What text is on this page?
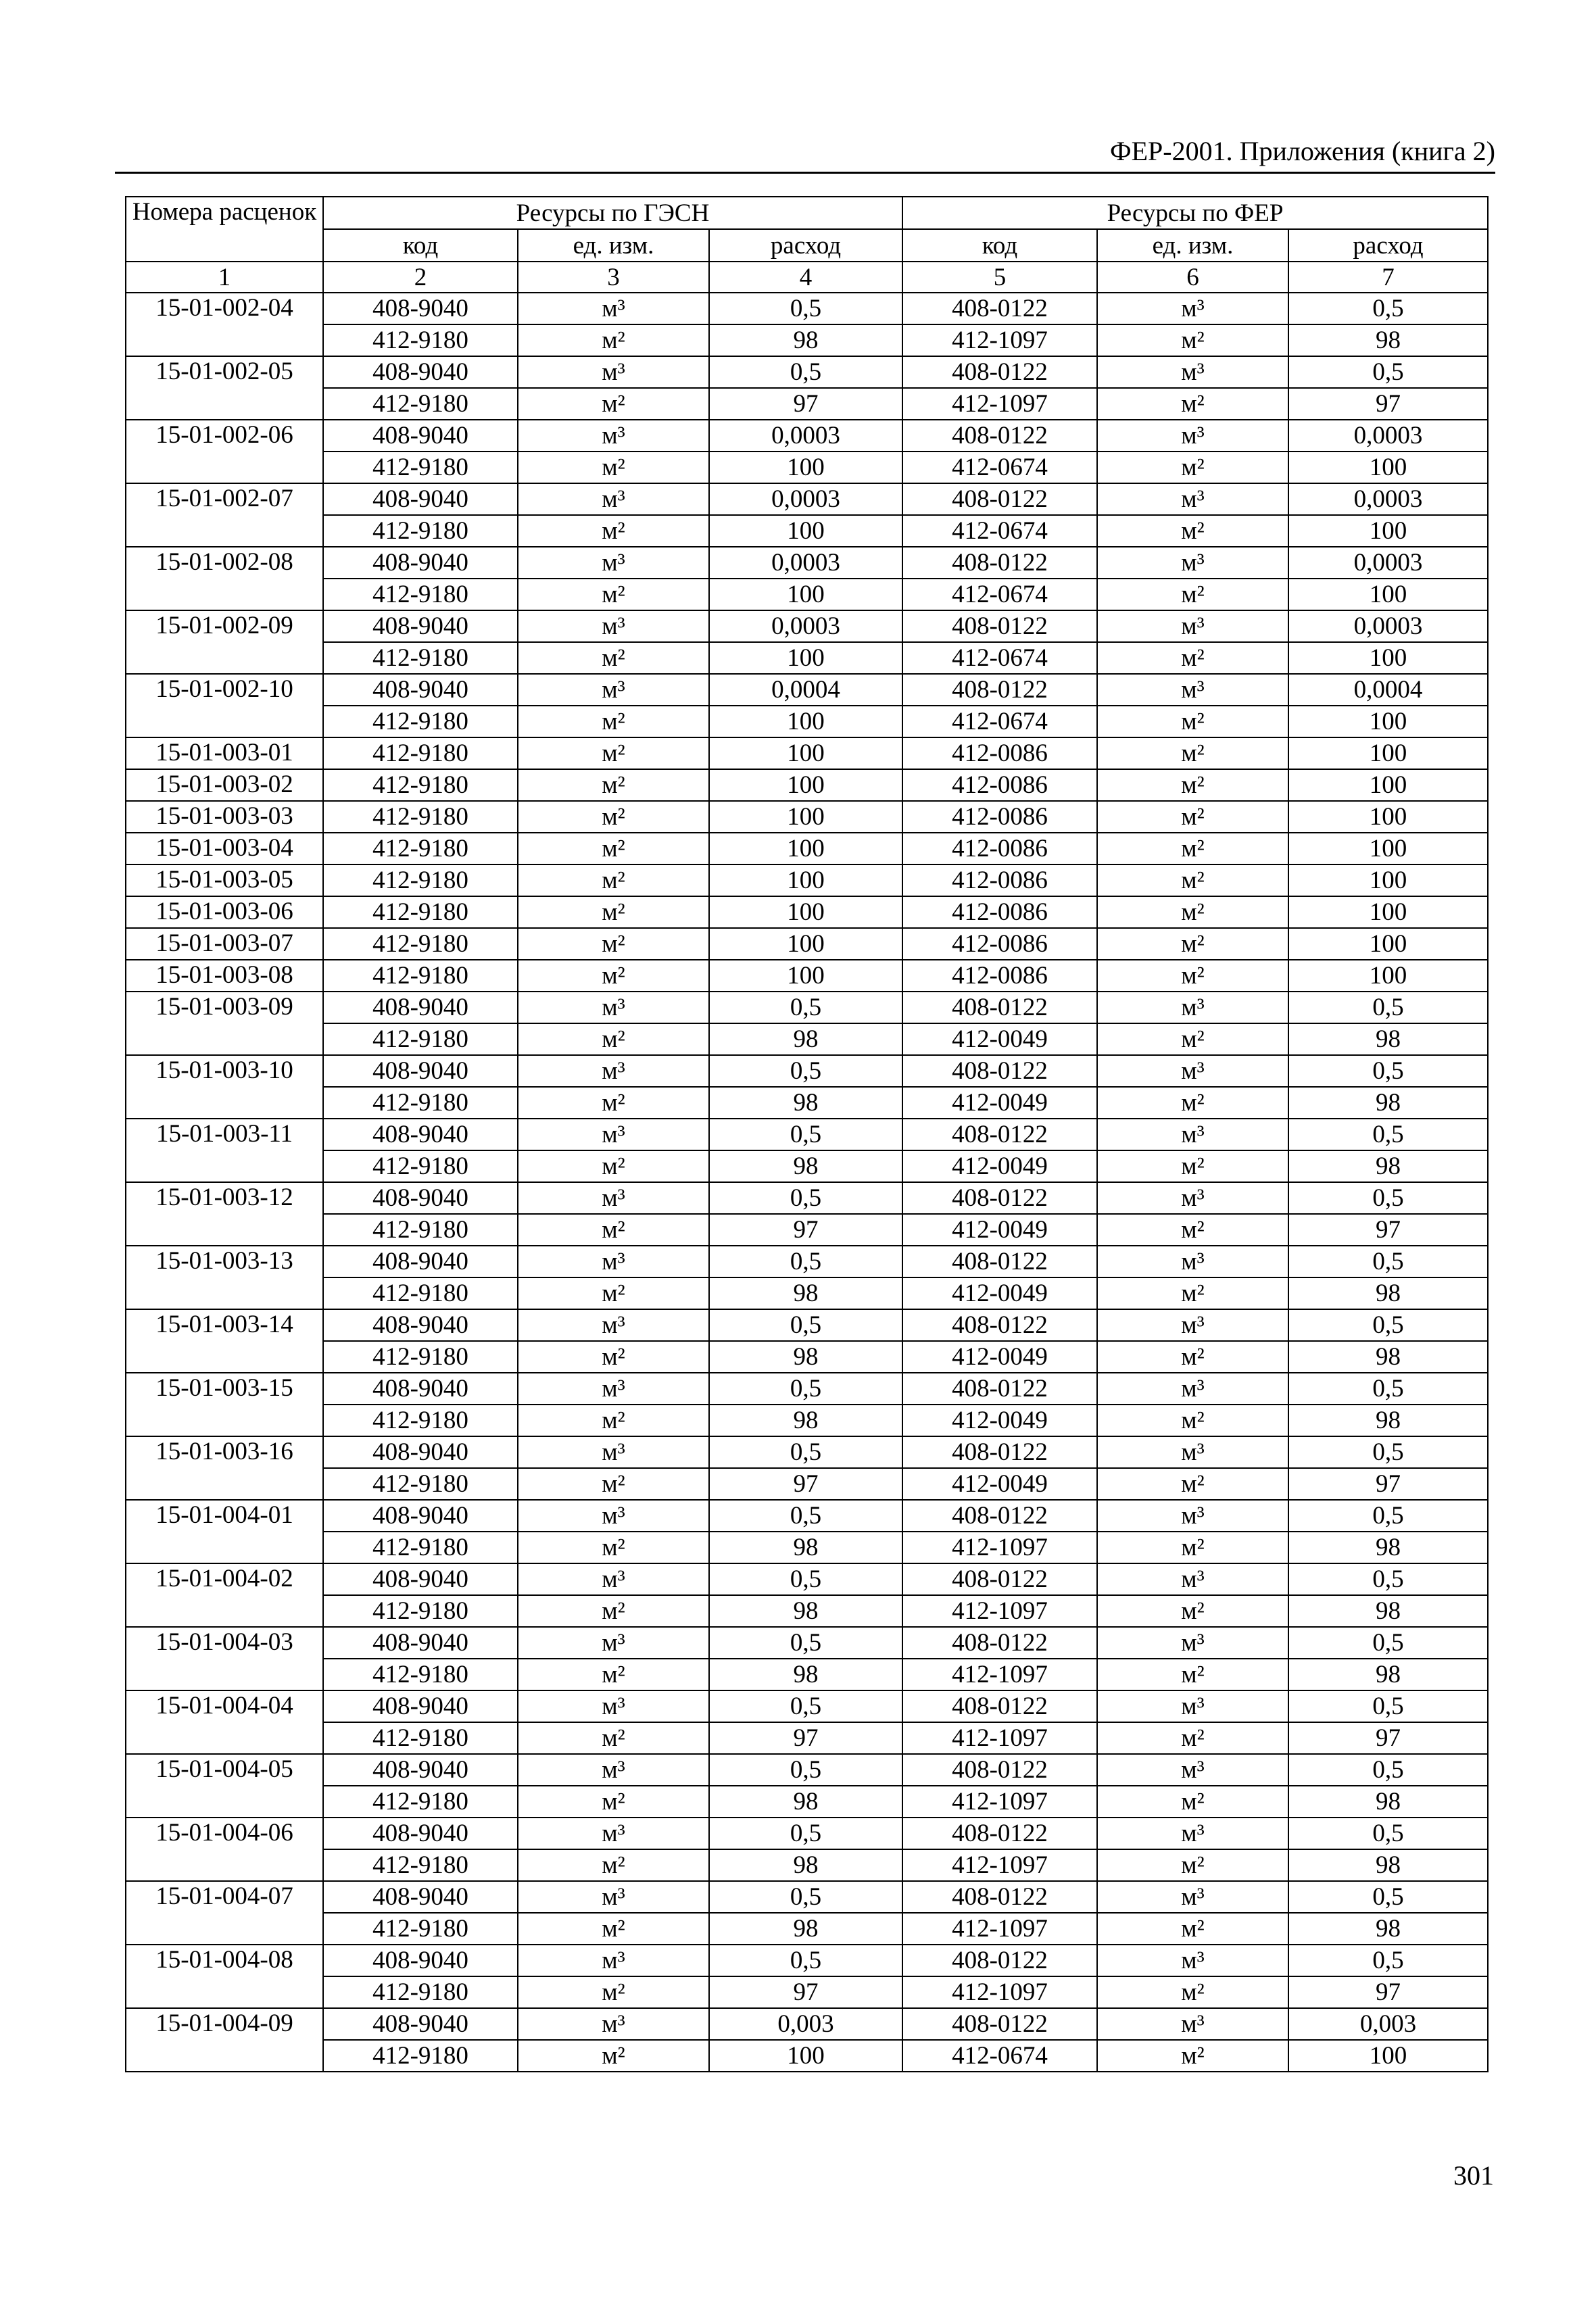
ФЕР-2001. Приложения (книга 2)
Номера расценок	Ресурсы по ГЭСН			Ресурсы по ФЕР		
	код	ед. изм.	расход	код	ед. изм.	расход
1	2	3	4	5	6	7
15-01-002-04	408-9040	м³	0,5	408-0122	м³	0,5
	412-9180	м²	98	412-1097	м²	98
15-01-002-05	408-9040	м³	0,5	408-0122	м³	0,5
	412-9180	м²	97	412-1097	м²	97
15-01-002-06	408-9040	м³	0,0003	408-0122	м³	0,0003
	412-9180	м²	100	412-0674	м²	100
15-01-002-07	408-9040	м³	0,0003	408-0122	м³	0,0003
	412-9180	м²	100	412-0674	м²	100
15-01-002-08	408-9040	м³	0,0003	408-0122	м³	0,0003
	412-9180	м²	100	412-0674	м²	100
15-01-002-09	408-9040	м³	0,0003	408-0122	м³	0,0003
	412-9180	м²	100	412-0674	м²	100
15-01-002-10	408-9040	м³	0,0004	408-0122	м³	0,0004
	412-9180	м²	100	412-0674	м²	100
15-01-003-01	412-9180	м²	100	412-0086	м²	100
15-01-003-02	412-9180	м²	100	412-0086	м²	100
15-01-003-03	412-9180	м²	100	412-0086	м²	100
15-01-003-04	412-9180	м²	100	412-0086	м²	100
15-01-003-05	412-9180	м²	100	412-0086	м²	100
15-01-003-06	412-9180	м²	100	412-0086	м²	100
15-01-003-07	412-9180	м²	100	412-0086	м²	100
15-01-003-08	412-9180	м²	100	412-0086	м²	100
15-01-003-09	408-9040	м³	0,5	408-0122	м³	0,5
	412-9180	м²	98	412-0049	м²	98
15-01-003-10	408-9040	м³	0,5	408-0122	м³	0,5
	412-9180	м²	98	412-0049	м²	98
15-01-003-11	408-9040	м³	0,5	408-0122	м³	0,5
	412-9180	м²	98	412-0049	м²	98
15-01-003-12	408-9040	м³	0,5	408-0122	м³	0,5
	412-9180	м²	97	412-0049	м²	97
15-01-003-13	408-9040	м³	0,5	408-0122	м³	0,5
	412-9180	м²	98	412-0049	м²	98
15-01-003-14	408-9040	м³	0,5	408-0122	м³	0,5
	412-9180	м²	98	412-0049	м²	98
15-01-003-15	408-9040	м³	0,5	408-0122	м³	0,5
	412-9180	м²	98	412-0049	м²	98
15-01-003-16	408-9040	м³	0,5	408-0122	м³	0,5
	412-9180	м²	97	412-0049	м²	97
15-01-004-01	408-9040	м³	0,5	408-0122	м³	0,5
	412-9180	м²	98	412-1097	м²	98
15-01-004-02	408-9040	м³	0,5	408-0122	м³	0,5
	412-9180	м²	98	412-1097	м²	98
15-01-004-03	408-9040	м³	0,5	408-0122	м³	0,5
	412-9180	м²	98	412-1097	м²	98
15-01-004-04	408-9040	м³	0,5	408-0122	м³	0,5
	412-9180	м²	97	412-1097	м²	97
15-01-004-05	408-9040	м³	0,5	408-0122	м³	0,5
	412-9180	м²	98	412-1097	м²	98
15-01-004-06	408-9040	м³	0,5	408-0122	м³	0,5
	412-9180	м²	98	412-1097	м²	98
15-01-004-07	408-9040	м³	0,5	408-0122	м³	0,5
	412-9180	м²	98	412-1097	м²	98
15-01-004-08	408-9040	м³	0,5	408-0122	м³	0,5
	412-9180	м²	97	412-1097	м²	97
15-01-004-09	408-9040	м³	0,003	408-0122	м³	0,003
	412-9180	м²	100	412-0674	м²	100
301
